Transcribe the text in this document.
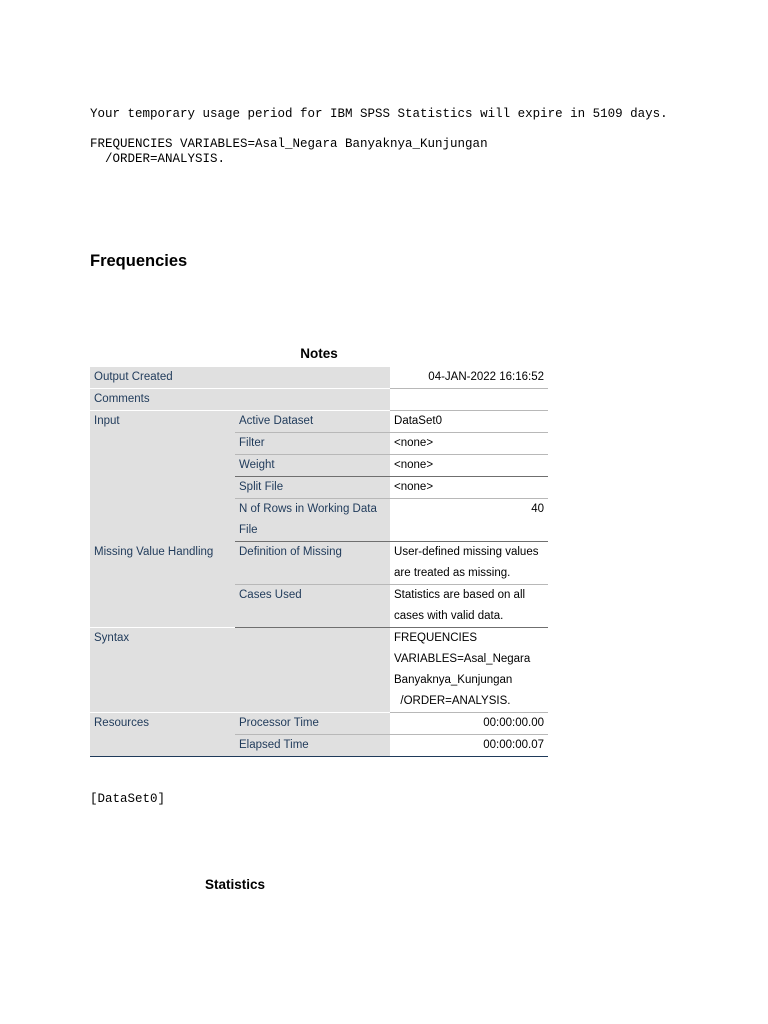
Your temporary usage period for IBM SPSS Statistics will expire in 5109 days.
FREQUENCIES VARIABLES=Asal_Negara Banyaknya_Kunjungan
/ORDER=ANALYSIS.
Frequencies
Notes
Output Created		04-JAN-2022 16:16:52
Comments		
Input	Active Dataset	DataSet0
	Filter	<none>
	Weight	<none>
	Split File	<none>

	N of Rows in Working Data
File	40
Missing Value Handling	Definition of Missing	User-defined missing values
are treated as missing.

	Cases Used	Statistics are based on all
cases with valid data.

Syntax		FREQUENCIES
VARIABLES=Asal_Negara
Banyaknya_Kunjungan
/ORDER=ANALYSIS.

Resources	Processor Time	00:00:00.00
	Elapsed Time	00:00:00.07
[DataSet0]
Statistics
